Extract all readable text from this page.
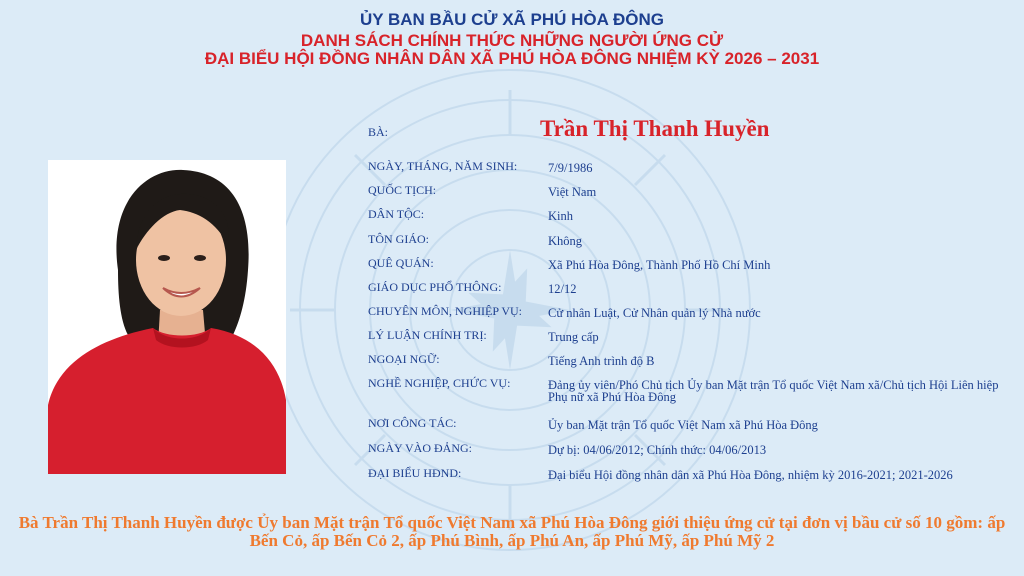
ỦY BAN BẦU CỬ XÃ PHÚ HÒA ĐÔNG
DANH SÁCH CHÍNH THỨC NHỮNG NGƯỜI ỨNG CỬ
ĐẠI BIỂU HỘI ĐỒNG NHÂN DÂN XÃ PHÚ HÒA ĐÔNG NHIỆM KỲ 2026 – 2031
BÀ:	Trần Thị Thanh Huyền
NGÀY, THÁNG, NĂM SINH:	7/9/1986
QUỐC TỊCH:	Việt Nam
DÂN TỘC:	Kinh
TÔN GIÁO:	Không
QUÊ QUÁN:	Xã Phú Hòa Đông, Thành Phố Hồ Chí Minh
GIÁO DỤC PHỔ THÔNG:	12/12
CHUYÊN MÔN, NGHIỆP VỤ:	Cử nhân Luật, Cử Nhân quản lý Nhà nước
LÝ LUẬN CHÍNH TRỊ:	Trung cấp
NGOẠI NGỮ:	Tiếng Anh trình độ B
NGHỀ NGHIỆP, CHỨC VỤ:	Đảng ủy viên/Phó Chủ tịch Ủy ban Mặt trận Tổ quốc Việt Nam xã/Chủ tịch Hội Liên hiệp Phụ nữ xã Phú Hòa Đông
NƠI CÔNG TÁC:	Ủy ban Mặt trận Tổ quốc Việt Nam xã Phú Hòa Đông
NGÀY VÀO ĐẢNG:	Dự bị: 04/06/2012; Chính thức: 04/06/2013
ĐẠI BIỂU HĐND:	Đại biểu Hội đồng nhân dân xã Phú Hòa Đông, nhiệm kỳ 2016-2021; 2021-2026
Bà Trần Thị Thanh Huyền được Ủy ban Mặt trận Tổ quốc Việt Nam xã Phú Hòa Đông giới thiệu ứng cử tại đơn vị bầu cử số 10 gồm: ấp Bến Cỏ, ấp Bến Cỏ 2, ấp Phú Bình, ấp Phú An, ấp Phú Mỹ, ấp Phú Mỹ 2
